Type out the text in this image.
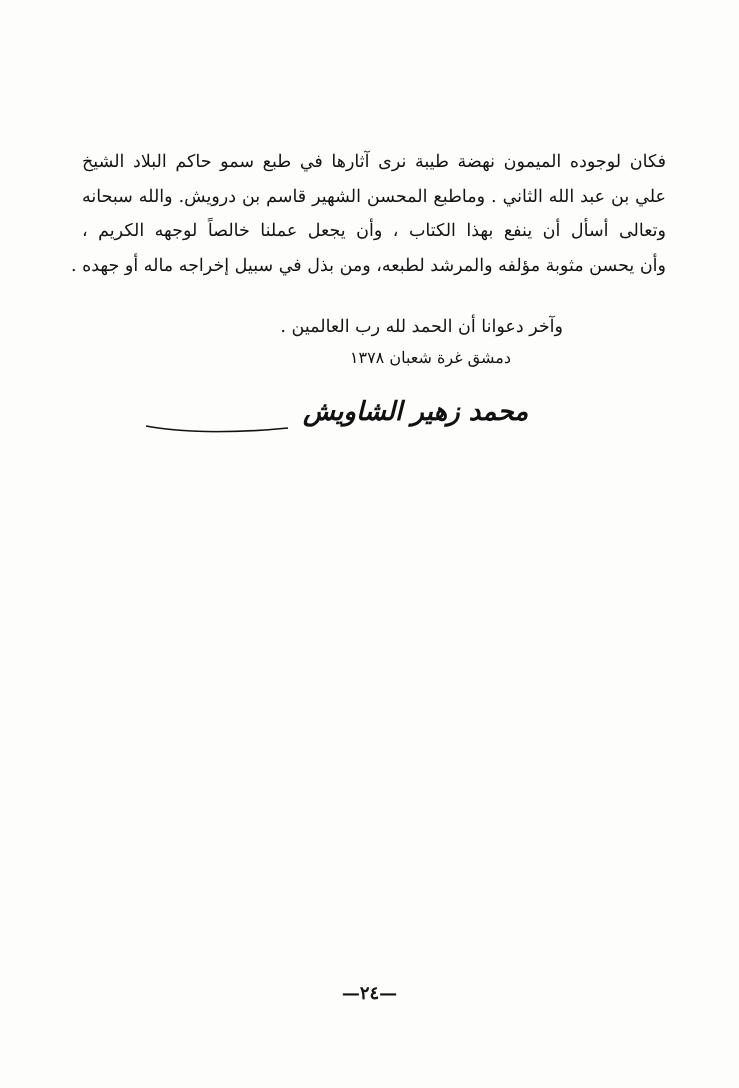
فكان لوجوده الميمون نهضة طيبة نرى آثارها في طبع سمو حاكم البلاد الشيخ
علي بن عبد الله الثاني . وماطبع المحسن الشهير قاسم بن درويش. والله سبحانه
وتعالى أسأل أن ينفع بهذا الكتاب ، وأن يجعل عملنا خالصاً لوجهه الكريم ،
وأن يحسن مثوبة مؤلفه والمرشد لطبعه، ومن بذل في سبيل إخراجه ماله أو جهده .
وآخر دعوانا أن الحمد لله رب العالمين .
دمشق غرة شعبان ١٣٧٨
محمد زهير الشاويش
—٢٤—
